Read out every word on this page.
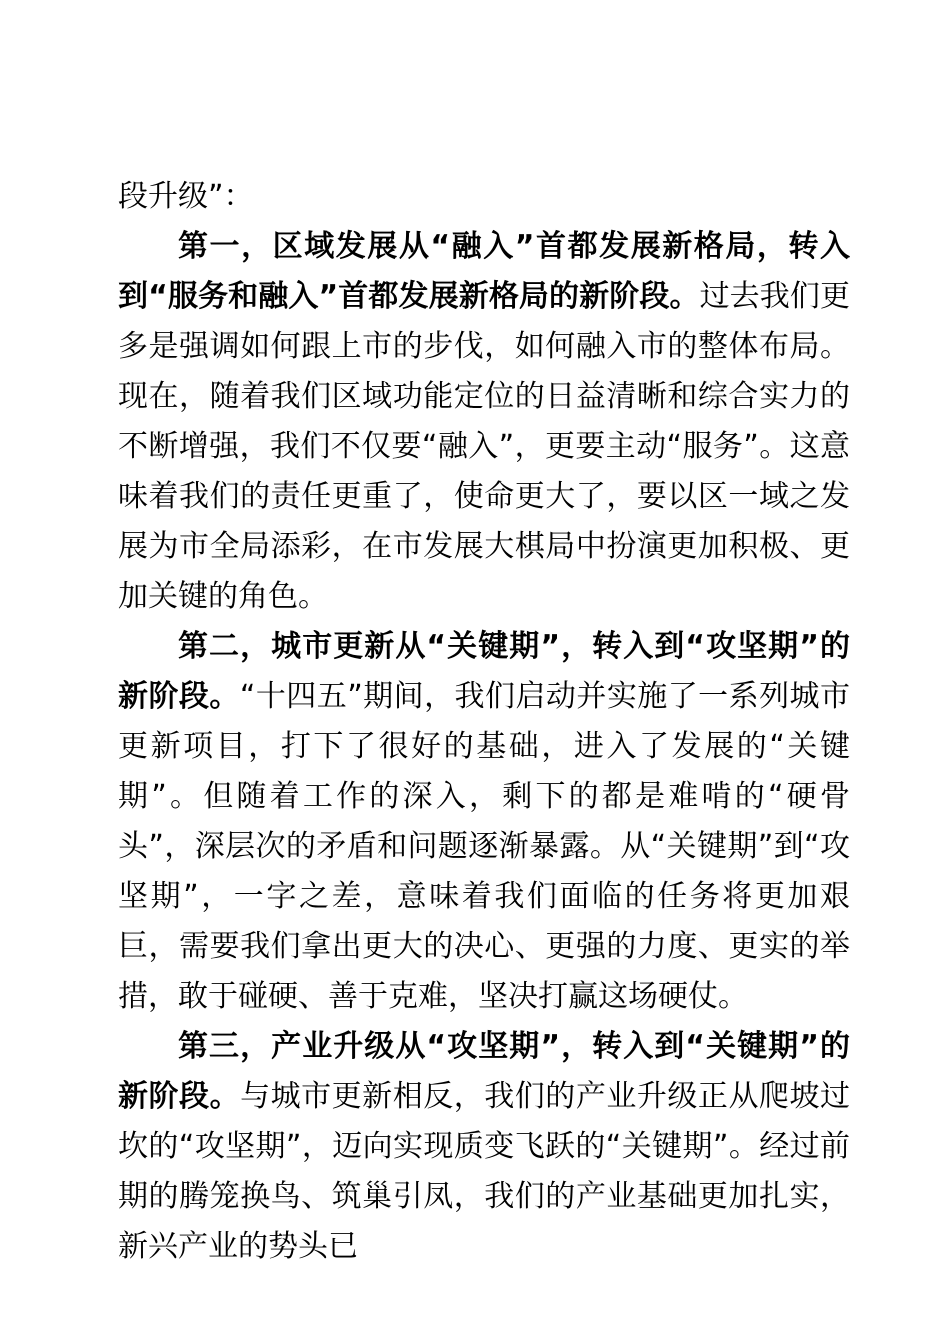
段升级”：

第一，区域发展从“融入”首都发展新格局，转入到“服务和融入”首都发展新格局的新阶段。过去我们更多是强调如何跟上市的步伐，如何融入市的整体布局。现在，随着我们区域功能定位的日益清晰和综合实力的不断增强，我们不仅要“融入”，更要主动“服务”。这意味着我们的责任更重了，使命更大了，要以区一域之发展为市全局添彩，在市发展大棋局中扮演更加积极、更加关键的角色。

第二，城市更新从“关键期”，转入到“攻坚期”的新阶段。“十四五”期间，我们启动并实施了一系列城市更新项目，打下了很好的基础，进入了发展的“关键期”。但随着工作的深入，剩下的都是难啃的“硬骨头”，深层次的矛盾和问题逐渐暴露。从“关键期”到“攻坚期”，一字之差，意味着我们面临的任务将更加艰巨，需要我们拿出更大的决心、更强的力度、更实的举措，敢于碰硬、善于克难，坚决打赢这场硬仗。

第三，产业升级从“攻坚期”，转入到“关键期”的新阶段。与城市更新相反，我们的产业升级正从爬坡过坎的“攻坚期”，迈向实现质变飞跃的“关键期”。经过前期的腾笼换鸟、筑巢引凤，我们的产业基础更加扎实，新兴产业的势头已
